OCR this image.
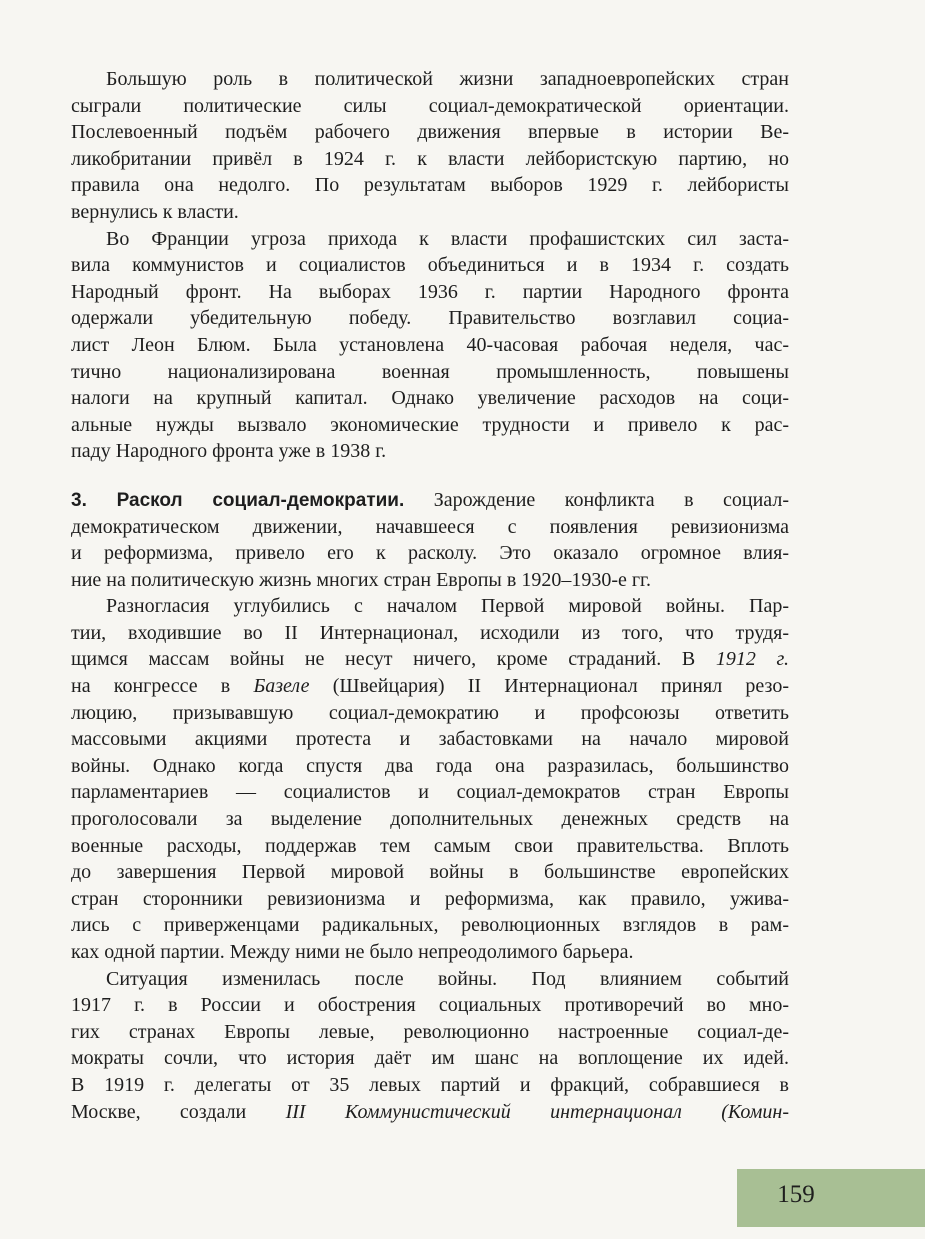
Большую роль в политической жизни западноевропейских стран
сыграли политические силы социал-демократической ориентации.
Послевоенный подъём рабочего движения впервые в истории Ве-
ликобритании привёл в 1924 г. к власти лейбористскую партию, но
правила она недолго. По результатам выборов 1929 г. лейбористы
вернулись к власти.
Во Франции угроза прихода к власти профашистских сил заста-
вила коммунистов и социалистов объединиться и в 1934 г. создать
Народный фронт. На выборах 1936 г. партии Народного фронта
одержали убедительную победу. Правительство возглавил социа-
лист Леон Блюм. Была установлена 40-часовая рабочая неделя, час-
тично национализирована военная промышленность, повышены
налоги на крупный капитал. Однако увеличение расходов на соци-
альные нужды вызвало экономические трудности и привело к рас-
паду Народного фронта уже в 1938 г.
3. Раскол социал-демократии. Зарождение конфликта в социал-
демократическом движении, начавшееся с появления ревизионизма
и реформизма, привело его к расколу. Это оказало огромное влия-
ние на политическую жизнь многих стран Европы в 1920–1930-е гг.
Разногласия углубились с началом Первой мировой войны. Пар-
тии, входившие во II Интернационал, исходили из того, что трудя-
щимся массам войны не несут ничего, кроме страданий. В 1912 г.
на конгрессе в Базеле (Швейцария) II Интернационал принял резо-
люцию, призывавшую социал-демократию и профсоюзы ответить
массовыми акциями протеста и забастовками на начало мировой
войны. Однако когда спустя два года она разразилась, большинство
парламентариев — социалистов и социал-демократов стран Европы
проголосовали за выделение дополнительных денежных средств на
военные расходы, поддержав тем самым свои правительства. Вплоть
до завершения Первой мировой войны в большинстве европейских
стран сторонники ревизионизма и реформизма, как правило, ужива-
лись с приверженцами радикальных, революционных взглядов в рам-
ках одной партии. Между ними не было непреодолимого барьера.
Ситуация изменилась после войны. Под влиянием событий
1917 г. в России и обострения социальных противоречий во мно-
гих странах Европы левые, революционно настроенные социал-де-
мократы сочли, что история даёт им шанс на воплощение их идей.
В 1919 г. делегаты от 35 левых партий и фракций, собравшиеся в
Москве, создали III Коммунистический интернационал (Комин-
159
